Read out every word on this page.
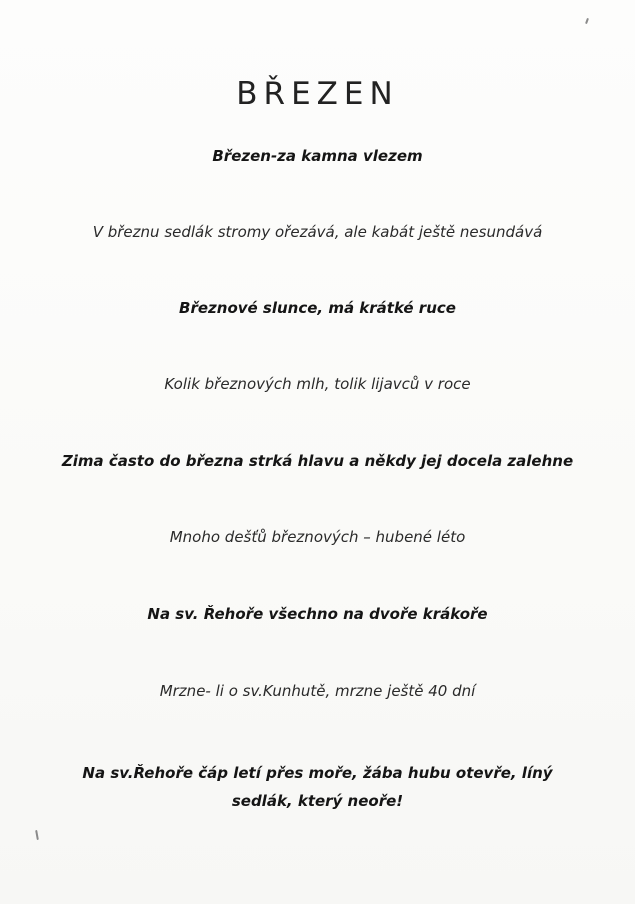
BŘEZEN
Březen-za kamna vlezem
V březnu sedlák stromy ořezává, ale kabát ještě nesundává
Březnové slunce, má krátké ruce
Kolik březnových mlh, tolik lijavců v roce
Zima často do března strká hlavu a někdy jej docela zalehne
Mnoho dešťů březnových – hubené léto
Na sv. Řehoře všechno na dvoře krákoře
Mrzne- li o sv.Kunhutě, mrzne ještě 40 dní
Na sv.Řehoře čáp letí přes moře, žába hubu otevře, líný sedlák, který neoře!
